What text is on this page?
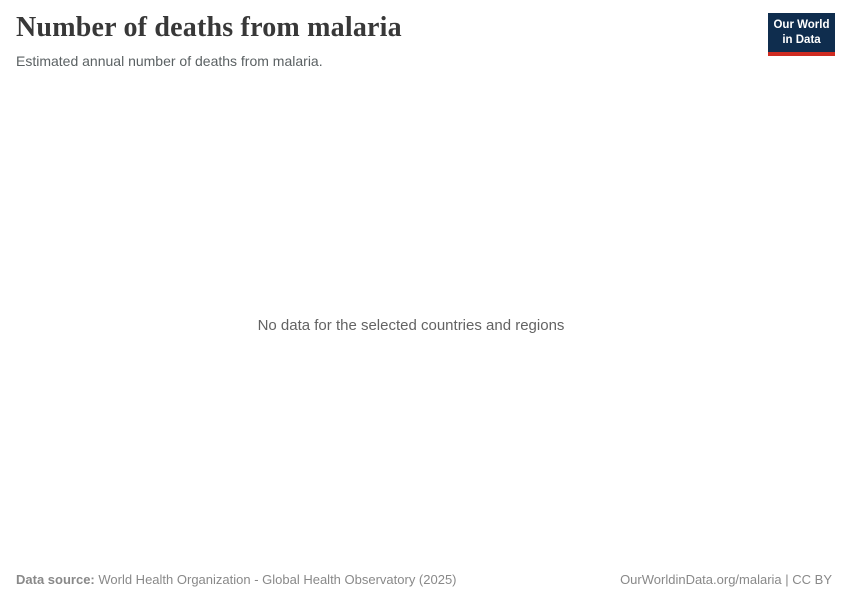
Number of deaths from malaria

Estimated annual number of deaths from malaria.

Our World
in Data
No data for the selected countries and regions
Data source: World Health Organization - Global Health Observatory (2025)	OurWorldinData.org/malaria | CC BY
